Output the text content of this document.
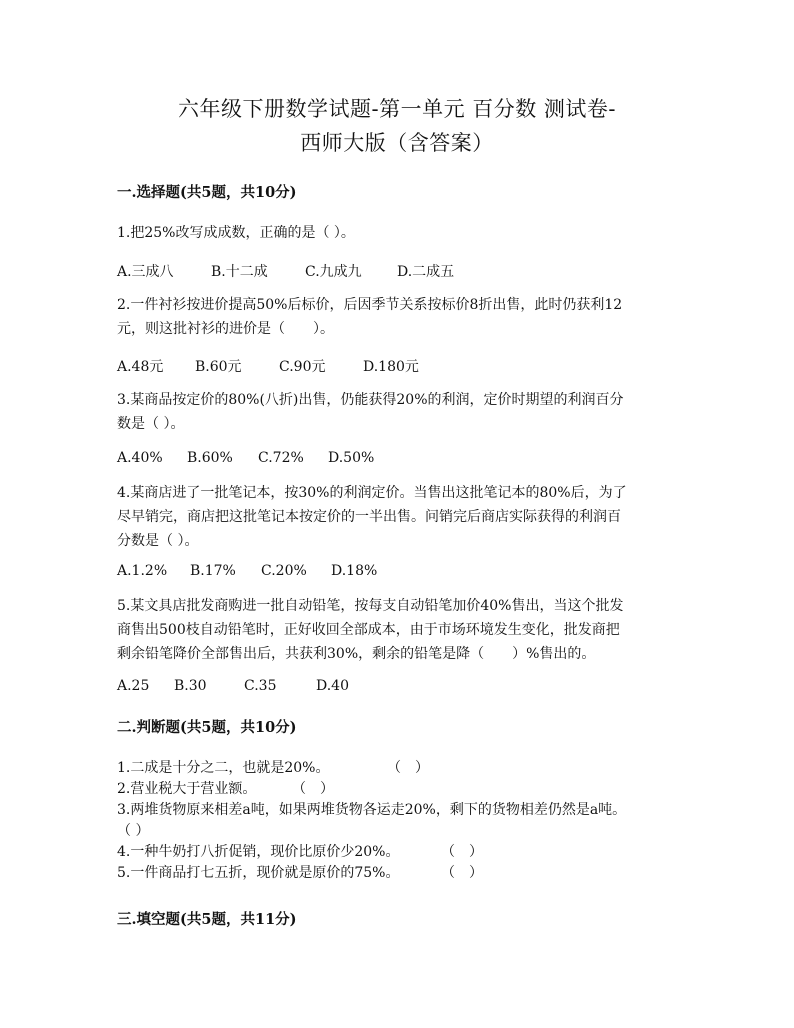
六年级下册数学试题-第一单元 百分数 测试卷-
西师大版（含答案）
一.选择题(共5题，共10分)
1.把25%改写成成数，正确的是（ ）。
A.三成八	B.十二成	C.九成九	D.二成五
2.一件衬衫按进价提高50%后标价，后因季节关系按标价8折出售，此时仍获利12
元，则这批衬衫的进价是（　　）。
A.48元 B.60元	C.90元	D.180元
3.某商品按定价的80%(八折)出售，仍能获得20%的利润，定价时期望的利润百分
数是（ ）。
A.40% B.60% C.72% D.50%
4.某商店进了一批笔记本，按30%的利润定价。当售出这批笔记本的80%后，为了
尽早销完，商店把这批笔记本按定价的一半出售。问销完后商店实际获得的利润百
分数是（ ）。
A.1.2% B.17% C.20% D.18%
5.某文具店批发商购进一批自动铅笔，按每支自动铅笔加价40%售出，当这个批发
商售出500枝自动铅笔时，正好收回全部成本，由于市场环境发生变化，批发商把
剩余铅笔降价全部售出后，共获利30%，剩余的铅笔是降（　　）%售出的。
A.25 B.30	C.35	D.40
二.判断题(共5题，共10分)
1.二成是十分之二，也就是20%。	（　）
2.营业税大于营业额。	（　）
3.两堆货物原来相差a吨，如果两堆货物各运走20%，剩下的货物相差仍然是a吨。
（ ）
4.一种牛奶打八折促销，现价比原价少20%。	（　）
5.一件商品打七五折，现价就是原价的75%。	（　）
三.填空题(共5题，共11分)
